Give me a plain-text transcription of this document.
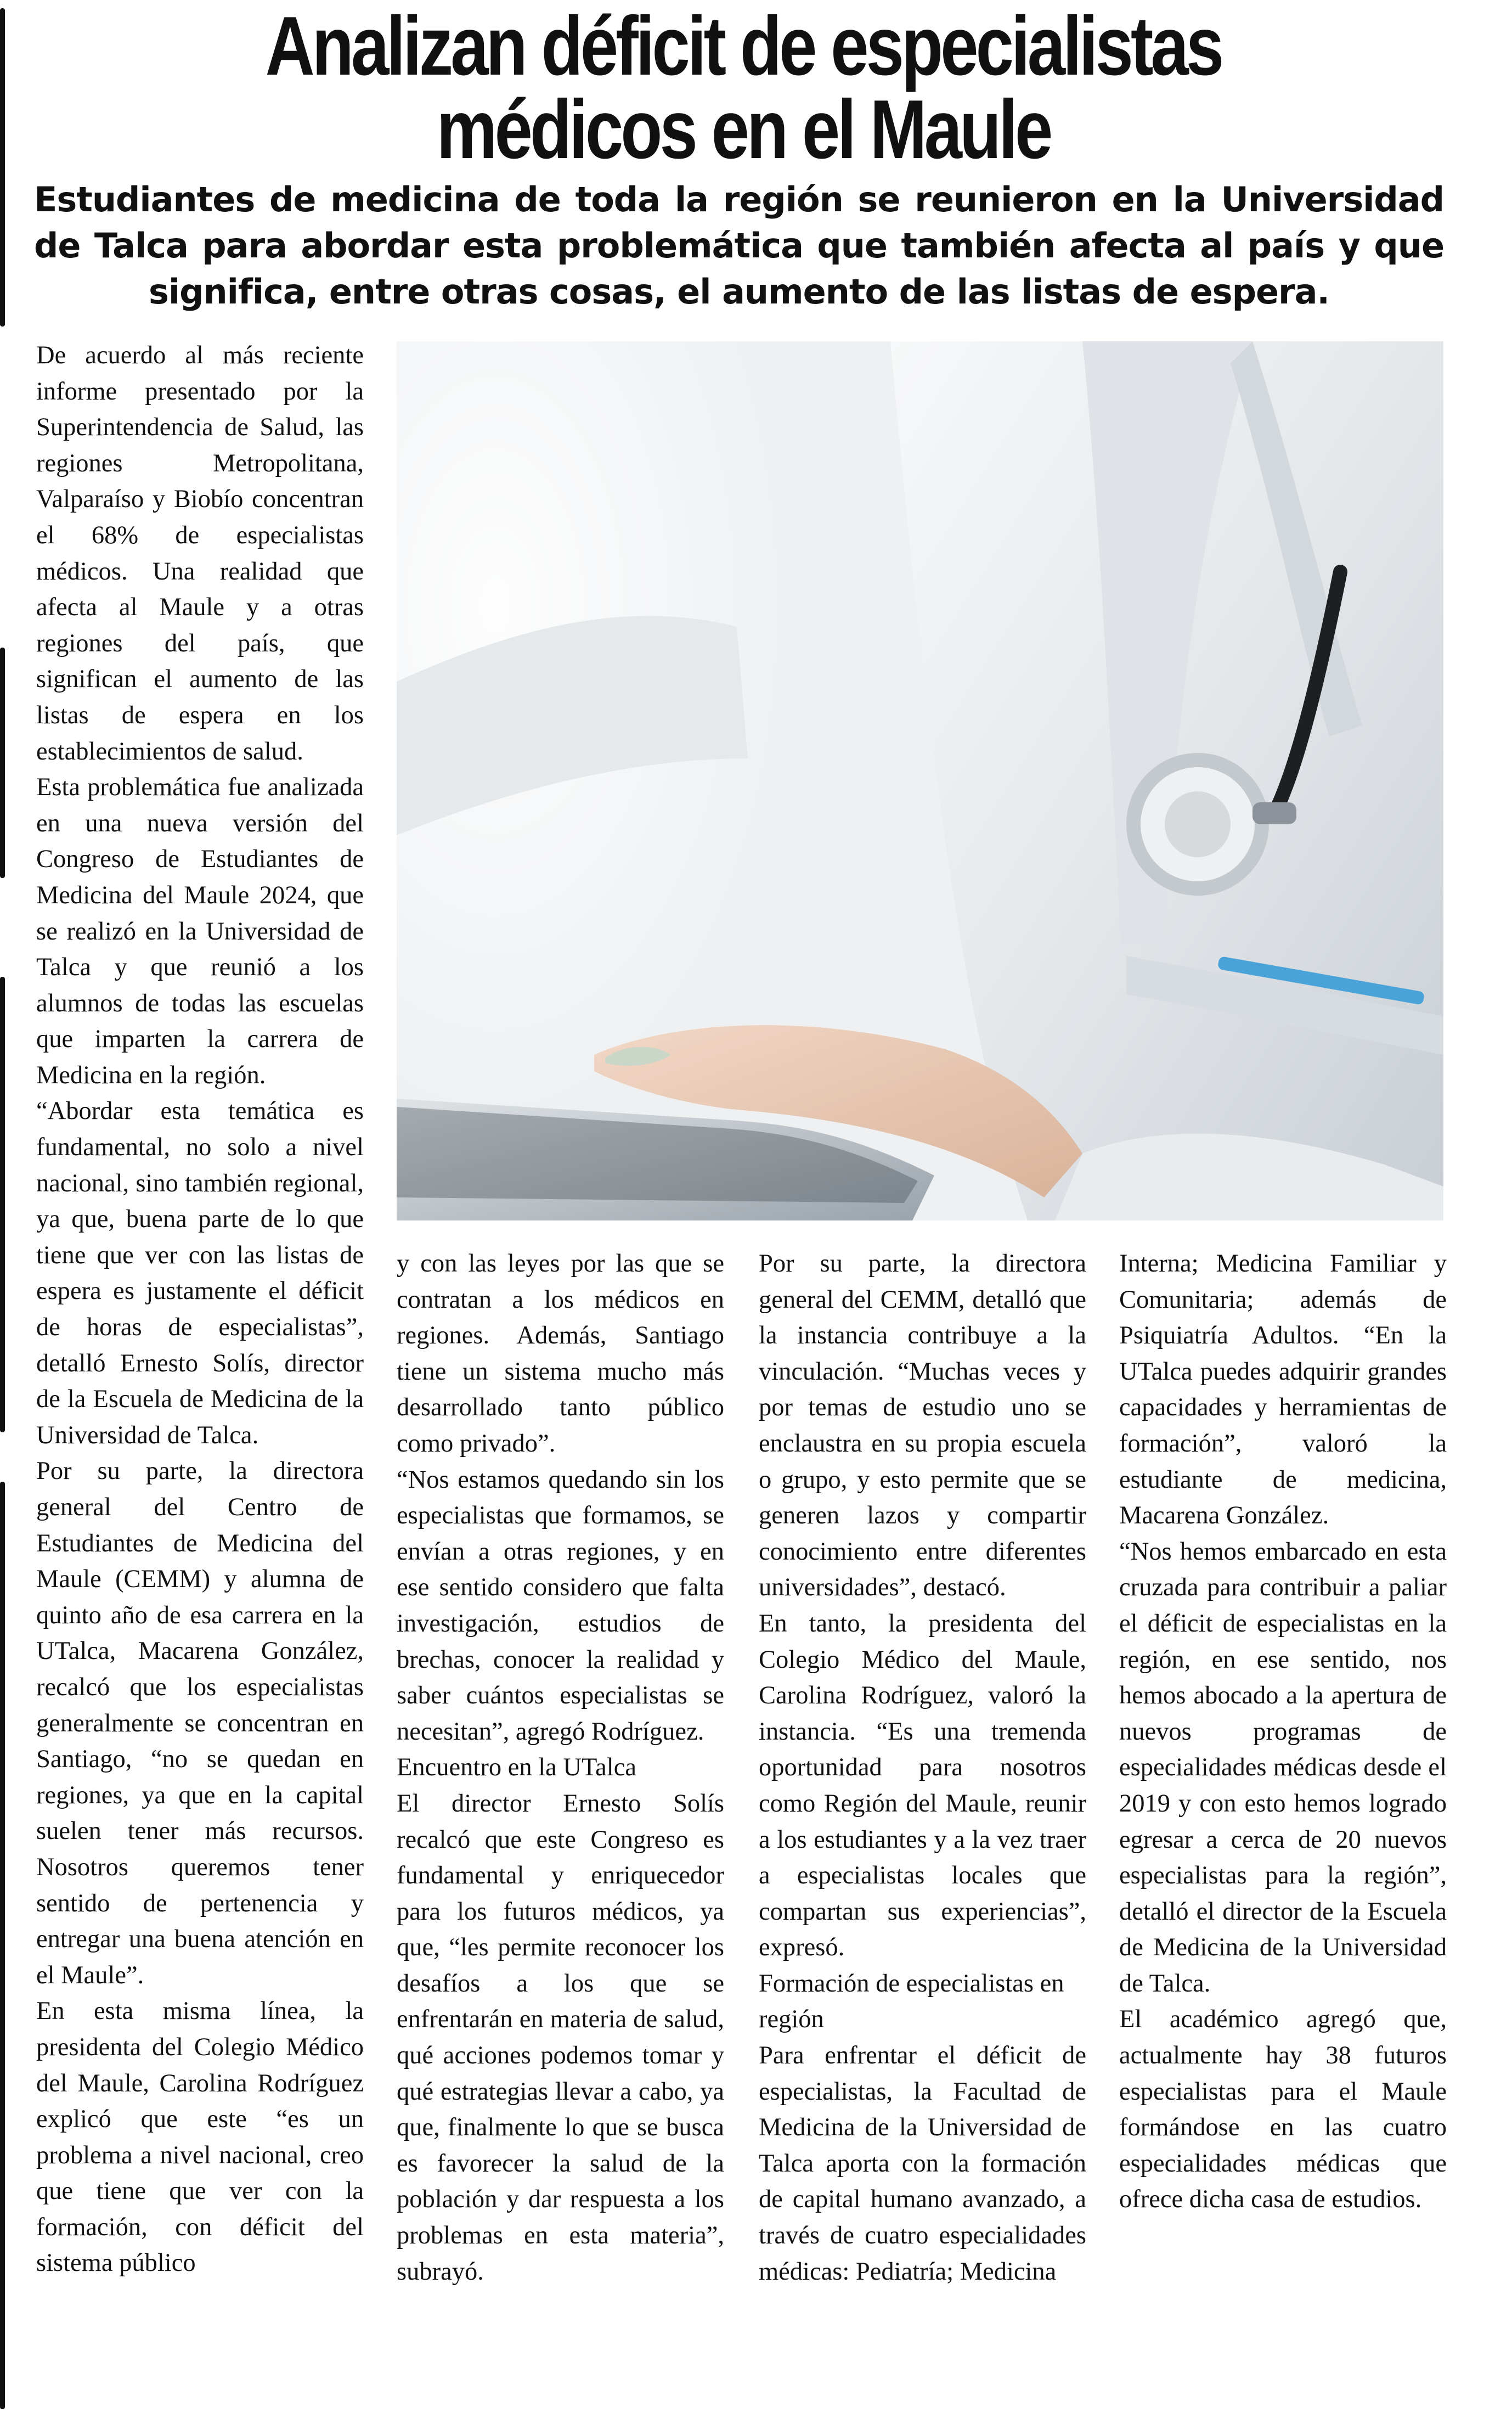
Analizan déficit de especialistas
médicos en el Maule

Estudiantes de medicina de toda la región se reunieron en la Universidad de Talca para abordar esta problemática que también afecta al país y que significa, entre otras cosas, el aumento de las listas de espera.

De acuerdo al más reciente informe presentado por la Superintendencia de Salud, las regiones Metropolitana, Valparaíso y Biobío concentran el 68% de especialistas médicos. Una realidad que afecta al Maule y a otras regiones del país, que significan el aumento de las listas de espera en los establecimientos de salud.

Esta problemática fue analizada en una nueva versión del Congreso de Estudiantes de Medicina del Maule 2024, que se realizó en la Universidad de Talca y que reunió a los alumnos de todas las escuelas que imparten la carrera de Medicina en la región.

“Abordar esta temática es fundamental, no solo a nivel nacional, sino también regional, ya que, buena parte de lo que tiene que ver con las listas de espera es justamente el déficit de horas de especialistas”, detalló Ernesto Solís, director de la Escuela de Medicina de la Universidad de Talca.

Por su parte, la directora general del Centro de Estudiantes de Medicina del Maule (CEMM) y alumna de quinto año de esa carrera en la UTalca, Macarena González, recalcó que los especialistas generalmente se concentran en Santiago, “no se quedan en regiones, ya que en la capital suelen tener más recursos. Nosotros queremos tener sentido de pertenencia y entregar una buena atención en el Maule”.

En esta misma línea, la presidenta del Colegio Médico del Maule, Carolina Rodríguez explicó que este “es un problema a nivel nacional, creo que tiene que ver con la formación, con déficit del sistema público

y con las leyes por las que se contratan a los médicos en regiones. Además, Santiago tiene un sistema mucho más desarrollado tanto público como privado”.

“Nos estamos quedando sin los especialistas que formamos, se envían a otras regiones, y en ese sentido considero que falta investigación, estudios de brechas, conocer la realidad y saber cuántos especialistas se necesitan”, agregó Rodríguez.

Encuentro en la UTalca

El director Ernesto Solís recalcó que este Congreso es fundamental y enriquecedor para los futuros médicos, ya que, “les permite reconocer los desafíos a los que se enfrentarán en materia de salud, qué acciones podemos tomar y qué estrategias llevar a cabo, ya que, finalmente lo que se busca es favorecer la salud de la población y dar respuesta a los problemas en esta materia”, subrayó.

Por su parte, la directora general del CEMM, detalló que la instancia contribuye a la vinculación. “Muchas veces y por temas de estudio uno se enclaustra en su propia escuela o grupo, y esto permite que se generen lazos y compartir conocimiento entre diferentes universidades”, destacó.

En tanto, la presidenta del Colegio Médico del Maule, Carolina Rodríguez, valoró la instancia. “Es una tremenda oportunidad para nosotros como Región del Maule, reunir a los estudiantes y a la vez traer a especialistas locales que compartan sus experiencias”, expresó.

Formación de especialistas en región

Para enfrentar el déficit de especialistas, la Facultad de Medicina de la Universidad de Talca aporta con la formación de capital humano avanzado, a través de cuatro especialidades médicas: Pediatría; Medicina

Interna; Medicina Familiar y Comunitaria; además de Psiquiatría Adultos. “En la UTalca puedes adquirir grandes capacidades y herramientas de formación”, valoró la estudiante de medicina, Macarena González.

“Nos hemos embarcado en esta cruzada para contribuir a paliar el déficit de especialistas en la región, en ese sentido, nos hemos abocado a la apertura de nuevos programas de especialidades médicas desde el 2019 y con esto hemos logrado egresar a cerca de 20 nuevos especialistas para la región”, detalló el director de la Escuela de Medicina de la Universidad de Talca.

El académico agregó que, actualmente hay 38 futuros especialistas para el Maule formándose en las cuatro especialidades médicas que ofrece dicha casa de estudios.
